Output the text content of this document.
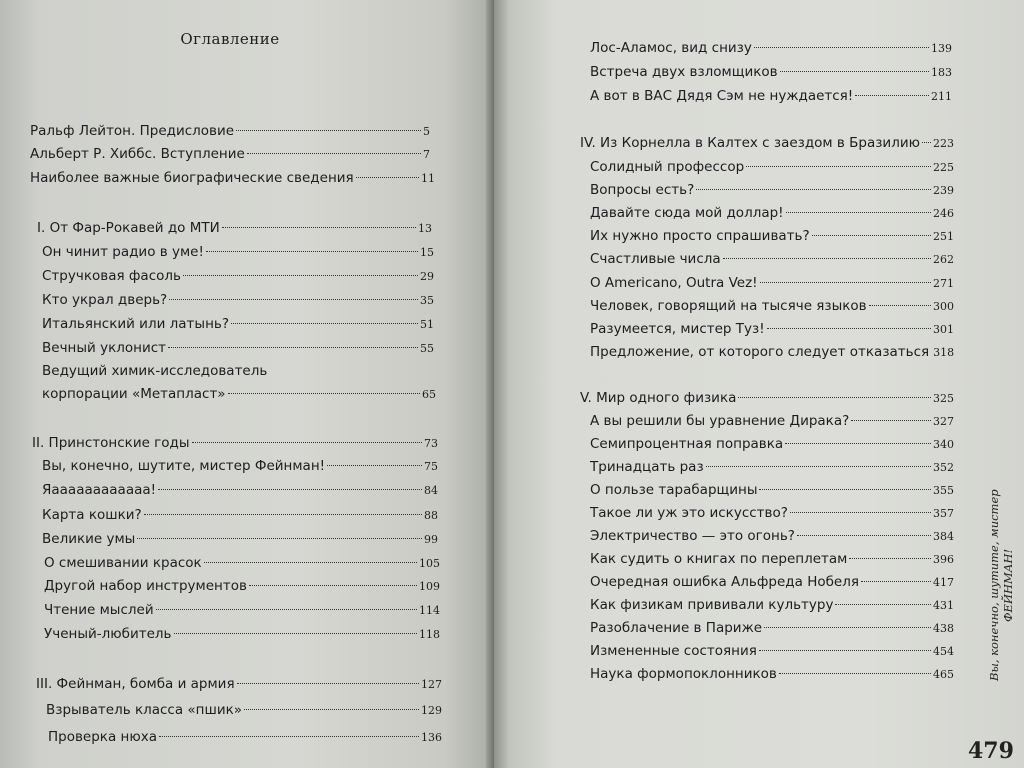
Оглавление
Ральф Лейтон. Предисловие	5
Альберт Р. Хиббс. Вступление	7
Наиболее важные биографические сведения	11
I. От Фар-Рокавей до МТИ	13
Он чинит радио в уме!	15
Стручковая фасоль	29
Кто украл дверь?	35
Итальянский или латынь?	51
Вечный уклонист	55
Ведущий химик-исследователь
корпорации «Метапласт»	65
II. Принстонские годы	73
Вы, конечно, шутите, мистер Фейнман!	75
Яаааааааааааа!	84
Карта кошки?	88
Великие умы	99
О смешивании красок	105
Другой набор инструментов	109
Чтение мыслей	114
Ученый-любитель	118
III. Фейнман, бомба и армия	127
Взрыватель класса «пшик»	129
Проверка нюха	136
Лос-Аламос, вид снизу	139
Встреча двух взломщиков	183
А вот в ВАС Дядя Сэм не нуждается!	211
IV. Из Корнелла в Калтех с заездом в Бразилию 223
Солидный профессор	225
Вопросы есть?	239
Давайте сюда мой доллар!	246
Их нужно просто спрашивать?	251
Счастливые числа	262
O Americano, Outra Vez!	271
Человек, говорящий на тысяче языков	300
Разумеется, мистер Туз!	301
Предложение, от которого следует отказаться 318
V. Мир одного физика	325
А вы решили бы уравнение Дирака?	327
Семипроцентная поправка	340
Тринадцать раз	352
О пользе тарабарщины	355
Такое ли уж это искусство?	357
Электричество — это огонь?	384
Как судить о книгах по переплетам	396
Очередная ошибка Альфреда Нобеля	417
Как физикам прививали культуру	431
Разоблачение в Париже	438
Измененные состояния	454
Наука формопоклонников	465	Вы, конечно, шутите, мистер ФЕЙНМАН!
479
